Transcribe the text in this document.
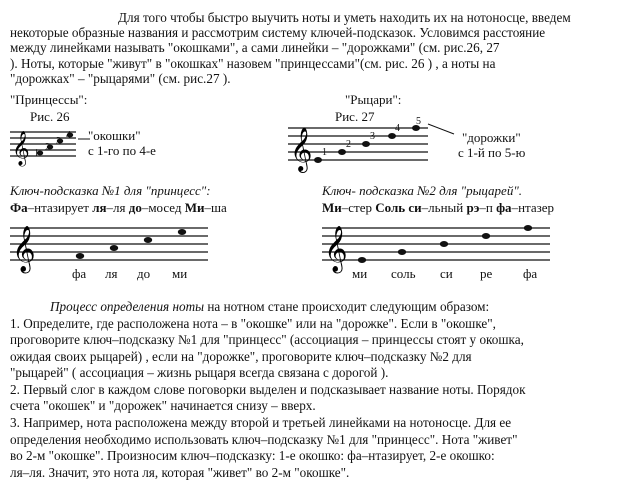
Для того чтобы быстро выучить ноты и уметь находить их на нотоносце, введем
некоторые образные названия и рассмотрим систему ключей-подсказок. Условимся расстояние
между линейками называть "окошками", а сами линейки – "дорожками" (см. рис.26, 27
). Ноты, которые "живут" в "окошках" назовем "принцессами"(см. рис. 26 ) , а ноты на
"дорожках" – "рыцарями" (см. рис.27 ).
"Принцессы":
Рис. 26
𝄞 1
2
3
4 "окошки"
с 1-го по 4-е
"Рыцари":
Рис. 27
𝄞 1
2
3
4
5
"дорожки"
с 1-й по 5-ю
Ключ-подсказка №1 для "принцесс":
Фа–нтазирует ля–ля до–мосед Ми–ша
𝄞
фа ля до ми
Ключ- подсказка №2 для "рыцарей".
Ми–стер Соль си–льный рэ–п фа–нтазер
𝄞
ми соль си ре фа
Процесс определения ноты на нотном стане происходит следующим образом:
1. Определите, где расположена нота – в "окошке" или на "дорожке". Если в "окошке",
проговорите ключ–подсказку №1 для "принцесс" (ассоциация – принцессы стоят у окошка,
ожидая своих рыцарей) , если на "дорожке", проговорите ключ–подсказку №2 для
"рыцарей" ( ассоциация – жизнь рыцаря всегда связана с дорогой ).
2. Первый слог в каждом слове поговорки выделен и подсказывает название ноты. Порядок
счета "окошек" и "дорожек" начинается снизу – вверх.
3. Например, нота расположена между второй и третьей линейками на нотоносце. Для ее
определения необходимо использовать ключ–подсказку №1 для "принцесс". Нота "живет"
во 2-м "окошке". Произносим ключ–подсказку: 1-е окошко: фа–нтазирует, 2-е окошко:
ля–ля. Значит, это нота ля, которая "живет" во 2-м "окошке".
